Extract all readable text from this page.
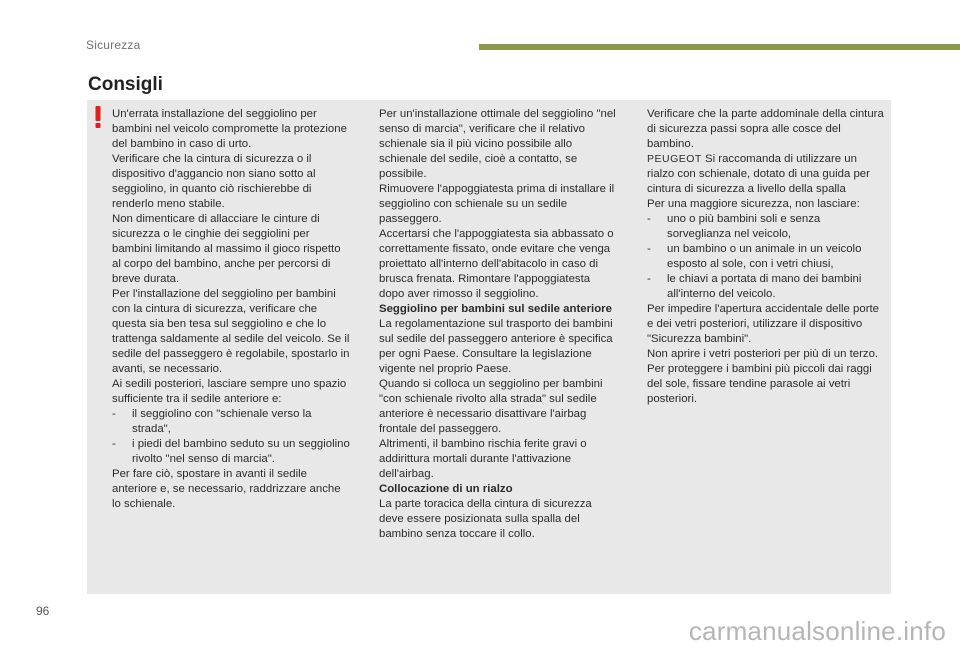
Sicurezza
Consigli

Un'errata installazione del seggiolino per bambini nel veicolo compromette la protezione del bambino in caso di urto.

Verificare che la cintura di sicurezza o il dispositivo d'aggancio non siano sotto al seggiolino, in quanto ciò rischierebbe di renderlo meno stabile.

Non dimenticare di allacciare le cinture di sicurezza o le cinghie dei seggiolini per bambini limitando al massimo il gioco rispetto al corpo del bambino, anche per percorsi di breve durata.

Per l'installazione del seggiolino per bambini con la cintura di sicurezza, verificare che questa sia ben tesa sul seggiolino e che lo trattenga saldamente al sedile del veicolo. Se il sedile del passeggero è regolabile, spostarlo in avanti, se necessario.

Ai sedili posteriori, lasciare sempre uno spazio sufficiente tra il sedile anteriore e:

- il seggiolino con "schienale verso la strada",
- i piedi del bambino seduto su un seggiolino rivolto "nel senso di marcia".

Per fare ciò, spostare in avanti il sedile anteriore e, se necessario, raddrizzare anche lo schienale.

Per un'installazione ottimale del seggiolino "nel senso di marcia", verificare che il relativo schienale sia il più vicino possibile allo schienale del sedile, cioè a contatto, se possibile.

Rimuovere l'appoggiatesta prima di installare il seggiolino con schienale su un sedile passeggero.

Accertarsi che l'appoggiatesta sia abbassato o correttamente fissato, onde evitare che venga proiettato all'interno dell'abitacolo in caso di brusca frenata. Rimontare l'appoggiatesta dopo aver rimosso il seggiolino.

Seggiolino per bambini sul sedile anteriore

La regolamentazione sul trasporto dei bambini sul sedile del passeggero anteriore è specifica per ogni Paese. Consultare la legislazione vigente nel proprio Paese.

Quando si colloca un seggiolino per bambini "con schienale rivolto alla strada" sul sedile anteriore è necessario disattivare l'airbag frontale del passeggero.

Altrimenti, il bambino rischia ferite gravi o addirittura mortali durante l'attivazione dell'airbag.

Collocazione di un rialzo

La parte toracica della cintura di sicurezza deve essere posizionata sulla spalla del bambino senza toccare il collo.

Verificare che la parte addominale della cintura di sicurezza passi sopra alle cosce del bambino.

PEUGEOT Si raccomanda di utilizzare un rialzo con schienale, dotato di una guida per cintura di sicurezza a livello della spalla

Per una maggiore sicurezza, non lasciare:

- uno o più bambini soli e senza sorveglianza nel veicolo,
- un bambino o un animale in un veicolo esposto al sole, con i vetri chiusi,
- le chiavi a portata di mano dei bambini all'interno del veicolo.

Per impedire l'apertura accidentale delle porte e dei vetri posteriori, utilizzare il dispositivo "Sicurezza bambini".

Non aprire i vetri posteriori per più di un terzo.

Per proteggere i bambini più piccoli dai raggi del sole, fissare tendine parasole ai vetri posteriori.

96
carmanualsonline.info
